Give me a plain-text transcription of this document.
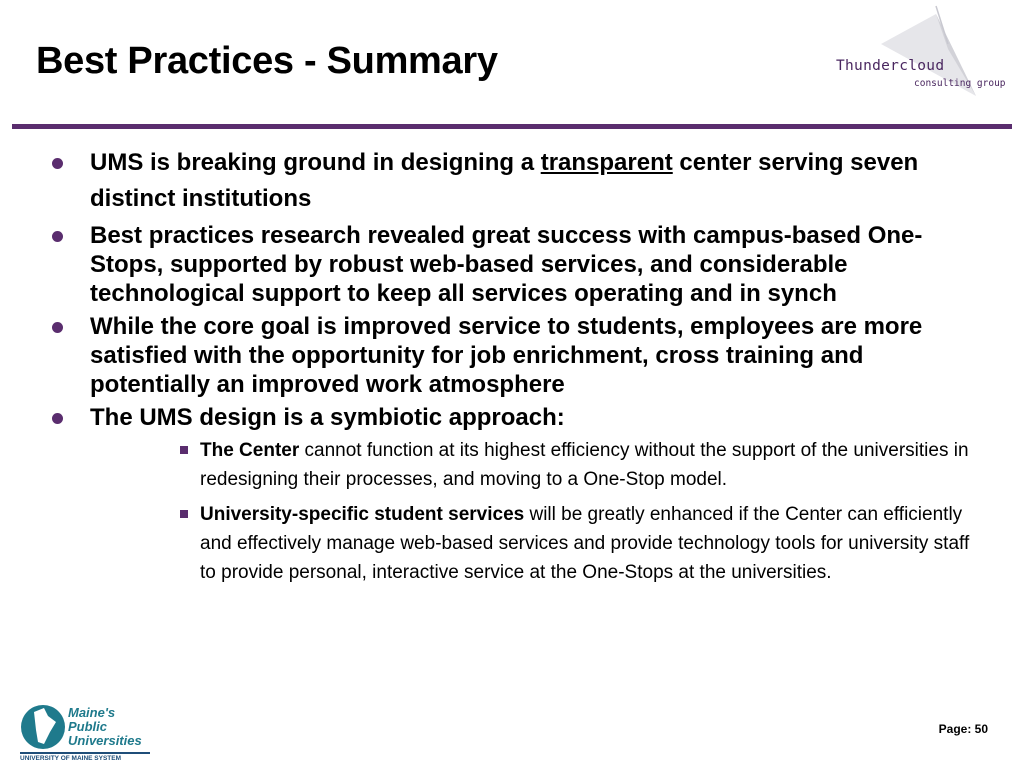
Best Practices - Summary	Thundercloud
consulting group
UMS is breaking ground in designing a transparent center serving seven distinct institutions
Best practices research revealed great success with campus-based One-Stops, supported by robust web-based services, and considerable technological support to keep all services operating and in synch
While the core goal is improved service to students, employees are more satisfied with the opportunity for job enrichment, cross training and potentially an improved work atmosphere
The UMS design is a symbiotic approach:
The Center cannot function at its highest efficiency without the support of the universities in redesigning their processes, and moving to a One-Stop model.
University-specific student services will be greatly enhanced if the Center can efficiently and effectively manage web-based services and provide technology tools for university staff to provide personal, interactive service at the One-Stops at the universities.
Maine's
Public
Universities
UNIVERSITY OF MAINE SYSTEM
Page: 50
